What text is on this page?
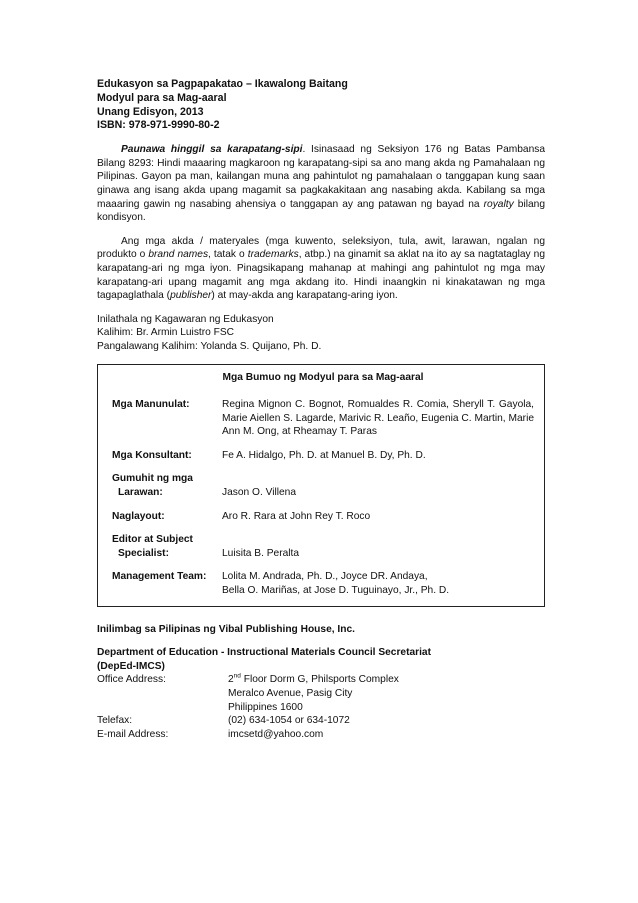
Edukasyon sa Pagpapakatao – Ikawalong Baitang
Modyul para sa Mag-aaral
Unang Edisyon, 2013
ISBN: 978-971-9990-80-2

Paunawa hinggil sa karapatang-sipi. Isinasaad ng Seksiyon 176 ng Batas Pambansa Bilang 8293: Hindi maaaring magkaroon ng karapatang-sipi sa ano mang akda ng Pamahalaan ng Pilipinas. Gayon pa man, kailangan muna ang pahintulot ng pamahalaan o tanggapan kung saan ginawa ang isang akda upang magamit sa pagkakakitaan ang nasabing akda. Kabilang sa mga maaaring gawin ng nasabing ahensiya o tanggapan ay ang patawan ng bayad na royalty bilang kondisyon.

Ang mga akda / materyales (mga kuwento, seleksiyon, tula, awit, larawan, ngalan ng produkto o brand names, tatak o trademarks, atbp.) na ginamit sa aklat na ito ay sa nagtataglay ng karapatang-ari ng mga iyon. Pinagsikapang mahanap at mahingi ang pahintulot ng mga may karapatang-ari upang magamit ang mga akdang ito. Hindi inaangkin ni kinakatawan ng mga tagapaglathala (publisher) at may-akda ang karapatang-aring iyon.

Inilathala ng Kagawaran ng Edukasyon
Kalihim: Br. Armin Luistro FSC
Pangalawang Kalihim: Yolanda S. Quijano, Ph. D.
Mga Bumuo ng Modyul para sa Mag-aaral
Mga Manunulat:	Regina Mignon C. Bognot, Romualdes R. Comia, Sheryll T. Gayola, Marie Aiellen S. Lagarde, Marivic R. Leaño, Eugenia C. Martin, Marie Ann M. Ong, at Rheamay T. Paras
Mga Konsultant:	Fe A. Hidalgo, Ph. D. at Manuel B. Dy, Ph. D.
Gumuhit ng mga
Larawan:	Jason O. Villena
Naglayout:	Aro R. Rara at John Rey T. Roco
Editor at Subject
Specialist:	Luisita B. Peralta
Management Team:	Lolita M. Andrada, Ph. D., Joyce DR. Andaya,
Bella O. Mariñas, at Jose D. Tuguinayo, Jr., Ph. D.
Inilimbag sa Pilipinas ng Vibal Publishing House, Inc.
Department of Education - Instructional Materials Council Secretariat
(DepEd-IMCS)
Office Address:	2nd Floor Dorm G, Philsports Complex
Meralco Avenue, Pasig City
Philippines 1600
Telefax:	(02) 634-1054 or 634-1072
E-mail Address:	imcsetd@yahoo.com
